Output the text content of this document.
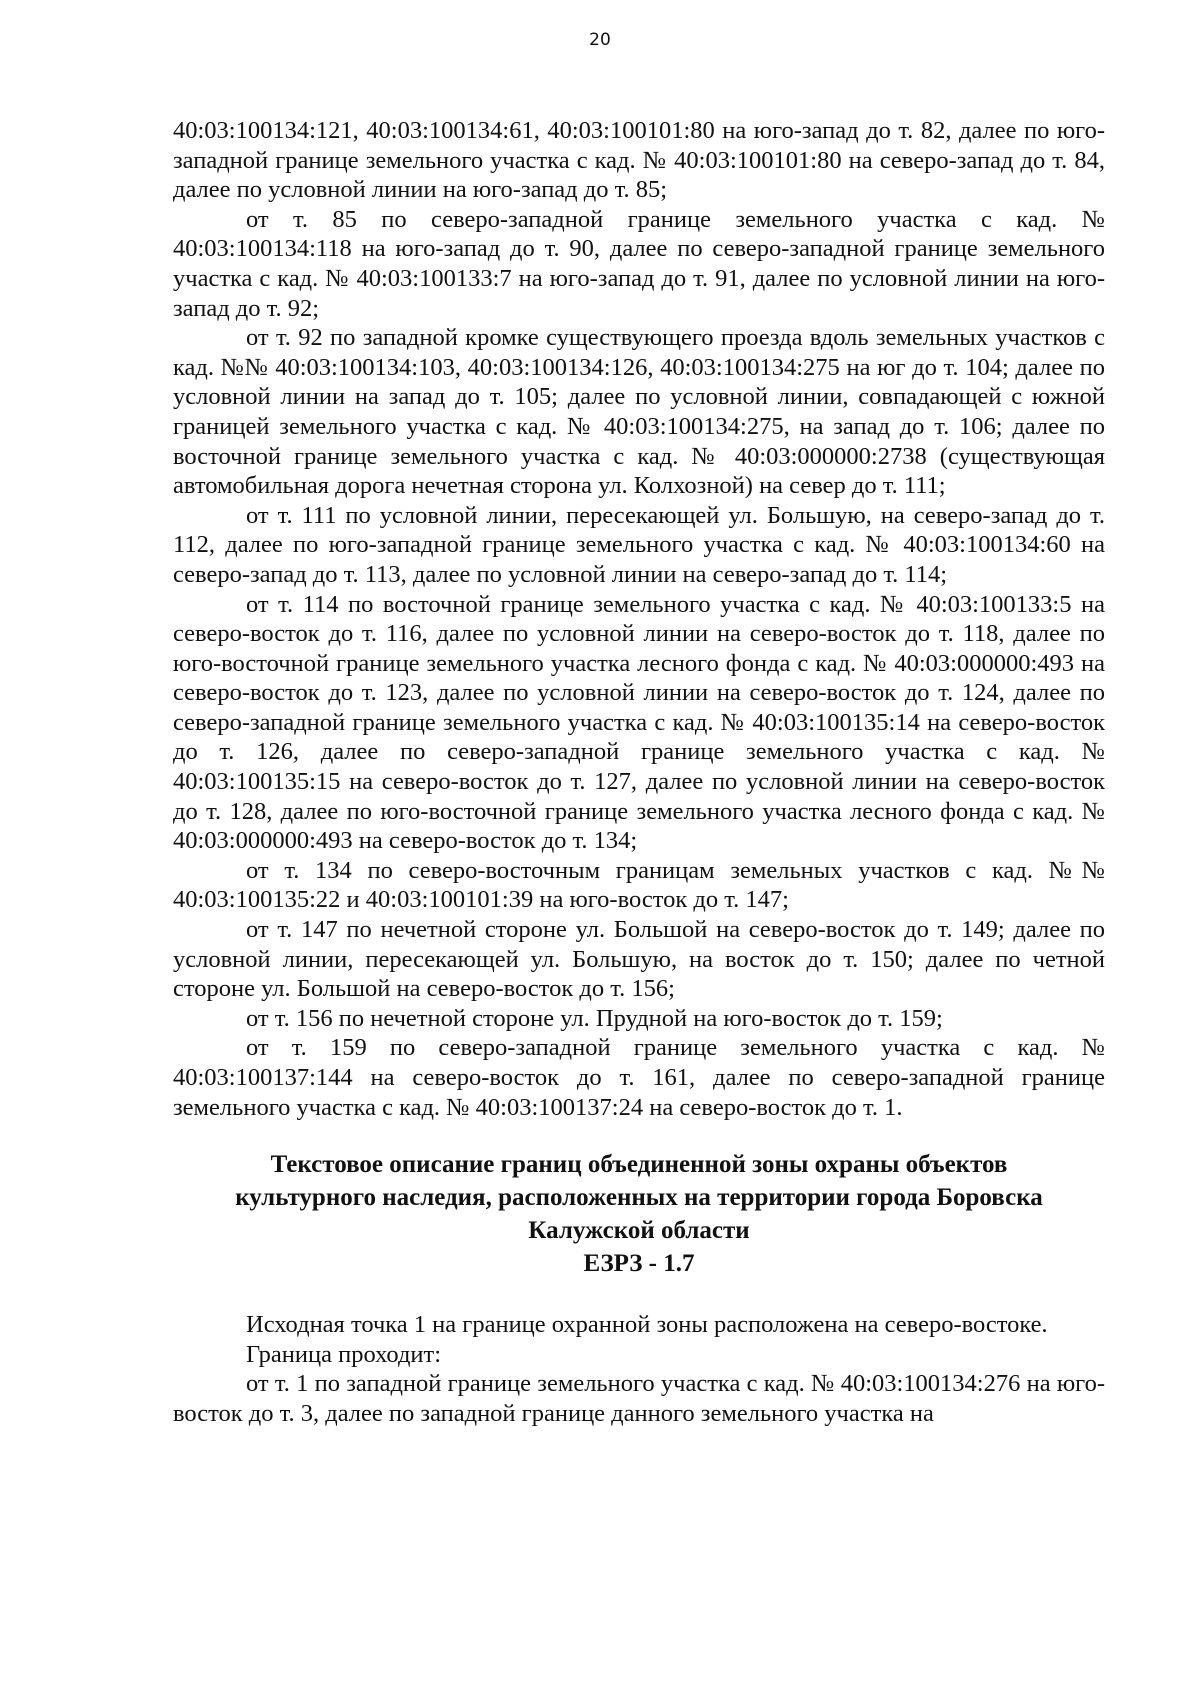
20

40:03:100134:121, 40:03:100134:61, 40:03:100101:80 на юго-запад до т. 82, далее по юго-западной границе земельного участка с кад. № 40:03:100101:80 на северо-запад до т. 84, далее по условной линии на юго-запад до т. 85;

от т. 85 по северо-западной границе земельного участка с кад. № 40:03:100134:118 на юго-запад до т. 90, далее по северо-западной границе земельного участка с кад. № 40:03:100133:7 на юго-запад до т. 91, далее по условной линии на юго-запад до т. 92;

от т. 92 по западной кромке существующего проезда вдоль земельных участков с кад. №№ 40:03:100134:103, 40:03:100134:126, 40:03:100134:275 на юг до т. 104; далее по условной линии на запад до т. 105; далее по условной линии, совпадающей с южной границей земельного участка с кад. № 40:03:100134:275, на запад до т. 106; далее по восточной границе земельного участка с кад. № 40:03:000000:2738 (существующая автомобильная дорога нечетная сторона ул. Колхозной) на север до т. 111;

от т. 111 по условной линии, пересекающей ул. Большую, на северо-запад до т. 112, далее по юго-западной границе земельного участка с кад. № 40:03:100134:60 на северо-запад до т. 113, далее по условной линии на северо-запад до т. 114;

от т. 114 по восточной границе земельного участка с кад. № 40:03:100133:5 на северо-восток до т. 116, далее по условной линии на северо-восток до т. 118, далее по юго-восточной границе земельного участка лесного фонда с кад. № 40:03:000000:493 на северо-восток до т. 123, далее по условной линии на северо-восток до т. 124, далее по северо-западной границе земельного участка с кад. № 40:03:100135:14 на северо-восток до т. 126, далее по северо-западной границе земельного участка с кад. № 40:03:100135:15 на северо-восток до т. 127, далее по условной линии на северо-восток до т. 128, далее по юго-восточной границе земельного участка лесного фонда с кад. № 40:03:000000:493 на северо-восток до т. 134;

от т. 134 по северо-восточным границам земельных участков с кад. №№ 40:03:100135:22 и 40:03:100101:39 на юго-восток до т. 147;

от т. 147 по нечетной стороне ул. Большой на северо-восток до т. 149; далее по условной линии, пересекающей ул. Большую, на восток до т. 150; далее по четной стороне ул. Большой на северо-восток до т. 156;

от т. 156 по нечетной стороне ул. Прудной на юго-восток до т. 159;

от т. 159 по северо-западной границе земельного участка с кад. № 40:03:100137:144 на северо-восток до т. 161, далее по северо-западной границе земельного участка с кад. № 40:03:100137:24 на северо-восток до т. 1.

Текстовое описание границ объединенной зоны охраны объектов
культурного наследия, расположенных на территории города Боровска
Калужской области
ЕЗРЗ - 1.7

Исходная точка 1 на границе охранной зоны расположена на северо-востоке.

Граница проходит:

от т. 1 по западной границе земельного участка с кад. № 40:03:100134:276 на юго-восток до т. 3, далее по западной границе данного земельного участка на
